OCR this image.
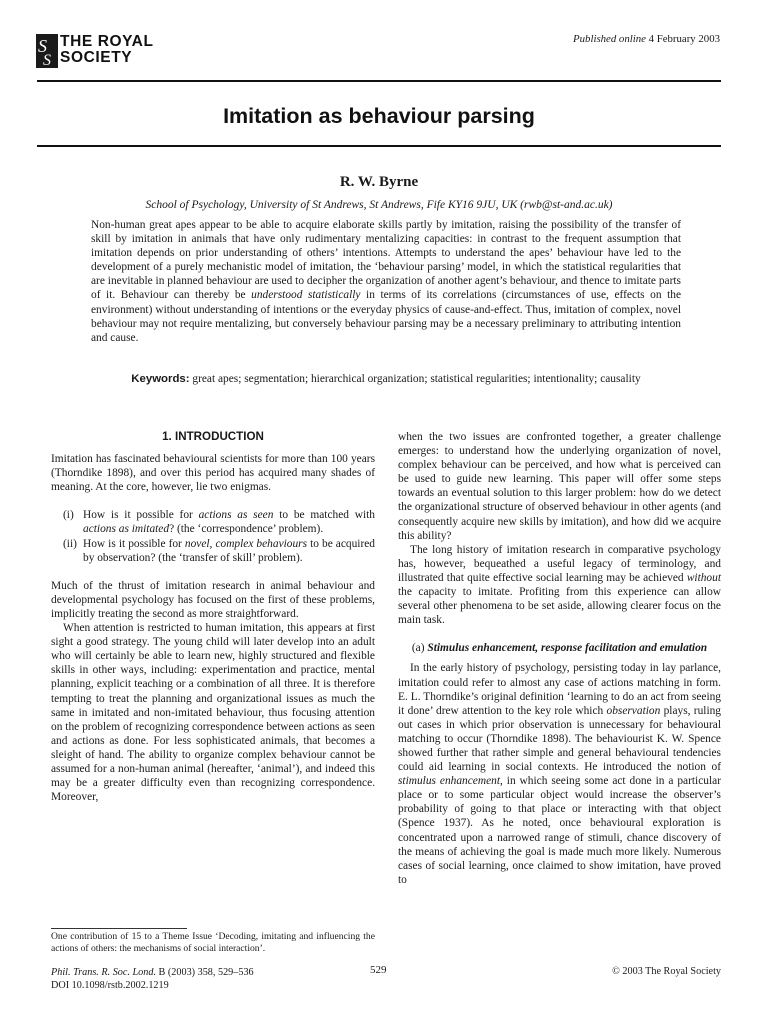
S
S
THE ROYAL
SOCIETY
Published online 4 February 2003
Imitation as behaviour parsing
R. W. Byrne
School of Psychology, University of St Andrews, St Andrews, Fife KY16 9JU, UK (rwb@st-and.ac.uk)

Non-human great apes appear to be able to acquire elaborate skills partly by imitation, raising the possibility of the transfer of skill by imitation in animals that have only rudimentary mentalizing capacities: in contrast to the frequent assumption that imitation depends on prior understanding of others’ intentions. Attempts to understand the apes’ behaviour have led to the development of a purely mechanistic model of imitation, the ‘behaviour parsing’ model, in which the statistical regularities that are inevitable in planned behaviour are used to decipher the organization of another agent’s behaviour, and thence to imitate parts of it. Behaviour can thereby be understood statistically in terms of its correlations (circumstances of use, effects on the environment) without understanding of intentions or the everyday physics of cause-and-effect. Thus, imitation of complex, novel behaviour may not require mentalizing, but conversely behaviour parsing may be a necessary preliminary to attributing intention and cause.

Keywords: great apes; segmentation; hierarchical organization; statistical regularities; intentionality; causality
1. INTRODUCTION

Imitation has fascinated behavioural scientists for more than 100 years (Thorndike 1898), and over this period has acquired many shades of meaning. At the core, however, lie two enigmas.

(i) How is it possible for actions as seen to be matched with actions as imitated? (the ‘correspondence’ problem).
(ii) How is it possible for novel, complex behaviours to be acquired by observation? (the ‘transfer of skill’ problem).

Much of the thrust of imitation research in animal behaviour and developmental psychology has focused on the first of these problems, implicitly treating the second as more straightforward.

When attention is restricted to human imitation, this appears at first sight a good strategy. The young child will later develop into an adult who will certainly be able to learn new, highly structured and flexible skills in other ways, including: experimentation and practice, mental planning, explicit teaching or a combination of all three. It is therefore tempting to treat the planning and organizational issues as much the same in imitated and non-imitated behaviour, thus focusing attention on the problem of recognizing correspondence between actions as seen and actions as done. For less sophisticated animals, that becomes a sleight of hand. The ability to organize complex behaviour cannot be assumed for a non-human animal (hereafter, ‘animal’), and indeed this may be a greater difficulty even than recognizing correspondence. Moreover,

when the two issues are confronted together, a greater challenge emerges: to understand how the underlying organization of novel, complex behaviour can be perceived, and how what is perceived can be used to guide new learning. This paper will offer some steps towards an eventual solution to this larger problem: how do we detect the organizational structure of observed behaviour in other agents (and consequently acquire new skills by imitation), and how did we acquire this ability?

The long history of imitation research in comparative psychology has, however, bequeathed a useful legacy of terminology, and illustrated that quite effective social learning may be achieved without the capacity to imitate. Profiting from this experience can allow several other phenomena to be set aside, allowing clearer focus on the main task.

(a) Stimulus enhancement, response facilitation and emulation

In the early history of psychology, persisting today in lay parlance, imitation could refer to almost any case of actions matching in form. E. L. Thorndike’s original definition ‘learning to do an act from seeing it done’ drew attention to the key role which observation plays, ruling out cases in which prior observation is unnecessary for behavioural matching to occur (Thorndike 1898). The behaviourist K. W. Spence showed further that rather simple and general behavioural tendencies could aid learning in social contexts. He introduced the notion of stimulus enhancement, in which seeing some act done in a particular place or to some particular object would increase the observer’s probability of going to that place or interacting with that object (Spence 1937). As he noted, once behavioural exploration is concentrated upon a narrowed range of stimuli, chance discovery of the means of achieving the goal is made much more likely. Numerous cases of social learning, once claimed to show imitation, have proved to

One contribution of 15 to a Theme Issue ‘Decoding, imitating and influencing the actions of others: the mechanisms of social interaction’.
Phil. Trans. R. Soc. Lond. B (2003) 358, 529–536
DOI 10.1098/rstb.2002.1219
529	© 2003 The Royal Society
